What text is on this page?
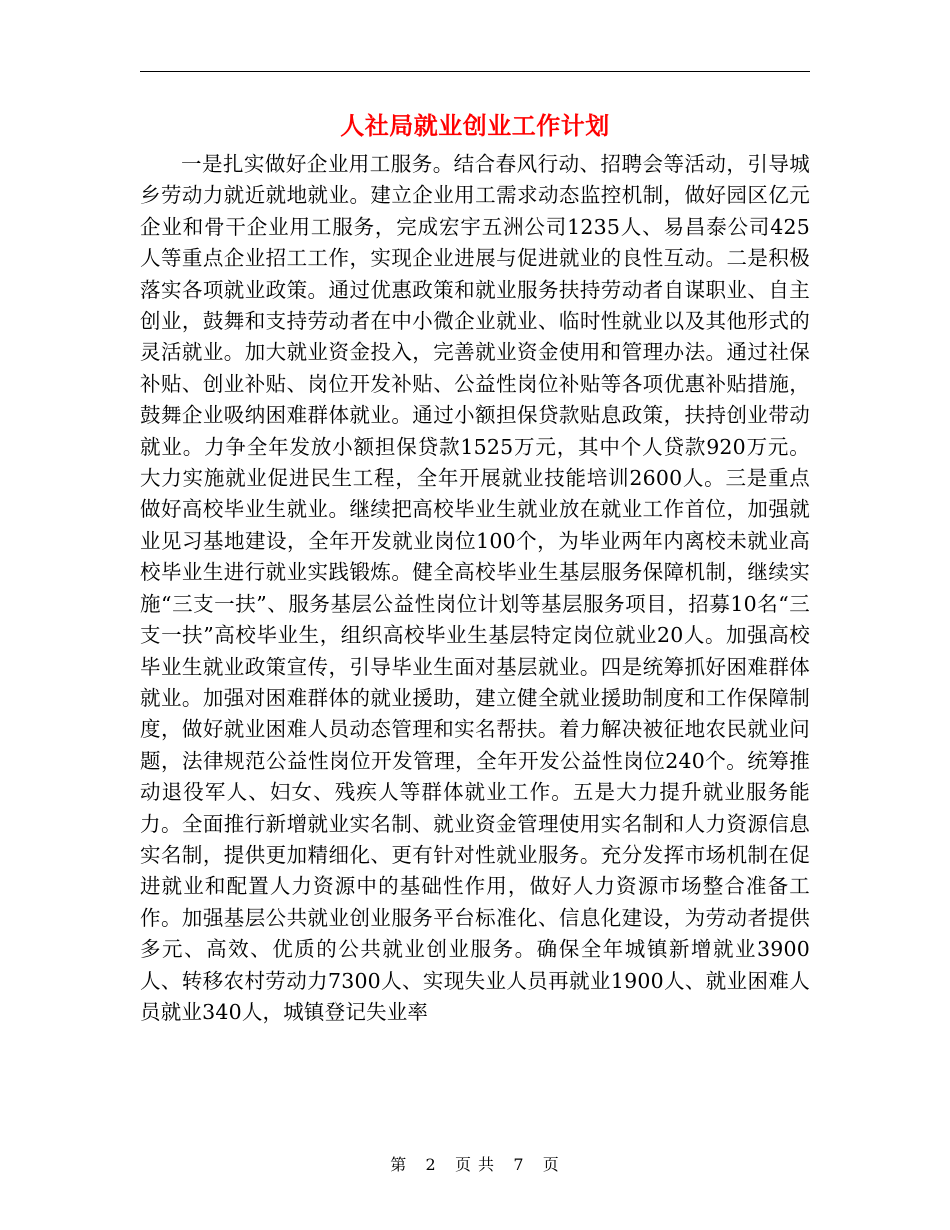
人社局就业创业工作计划

一是扎实做好企业用工服务。结合春风行动、招聘会等活动，引导城乡劳动力就近就地就业。建立企业用工需求动态监控机制，做好园区亿元企业和骨干企业用工服务，完成宏宇五洲公司1235人、易昌泰公司425人等重点企业招工工作，实现企业进展与促进就业的良性互动。二是积极落实各项就业政策。通过优惠政策和就业服务扶持劳动者自谋职业、自主创业，鼓舞和支持劳动者在中小微企业就业、临时性就业以及其他形式的灵活就业。加大就业资金投入，完善就业资金使用和管理办法。通过社保补贴、创业补贴、岗位开发补贴、公益性岗位补贴等各项优惠补贴措施，鼓舞企业吸纳困难群体就业。通过小额担保贷款贴息政策，扶持创业带动就业。力争全年发放小额担保贷款1525万元，其中个人贷款920万元。大力实施就业促进民生工程，全年开展就业技能培训2600人。三是重点做好高校毕业生就业。继续把高校毕业生就业放在就业工作首位，加强就业见习基地建设，全年开发就业岗位100个，为毕业两年内离校未就业高校毕业生进行就业实践锻炼。健全高校毕业生基层服务保障机制，继续实施“三支一扶”、服务基层公益性岗位计划等基层服务项目，招募10名“三支一扶”高校毕业生，组织高校毕业生基层特定岗位就业20人。加强高校毕业生就业政策宣传，引导毕业生面对基层就业。四是统筹抓好困难群体就业。加强对困难群体的就业援助，建立健全就业援助制度和工作保障制度，做好就业困难人员动态管理和实名帮扶。着力解决被征地农民就业问题，法律规范公益性岗位开发管理，全年开发公益性岗位240个。统筹推动退役军人、妇女、残疾人等群体就业工作。五是大力提升就业服务能力。全面推行新增就业实名制、就业资金管理使用实名制和人力资源信息实名制，提供更加精细化、更有针对性就业服务。充分发挥市场机制在促进就业和配置人力资源中的基础性作用，做好人力资源市场整合准备工作。加强基层公共就业创业服务平台标准化、信息化建设，为劳动者提供多元、高效、优质的公共就业创业服务。确保全年城镇新增就业3900人、转移农村劳动力7300人、实现失业人员再就业1900人、就业困难人员就业340人，城镇登记失业率

第 2 页 共 7 页
